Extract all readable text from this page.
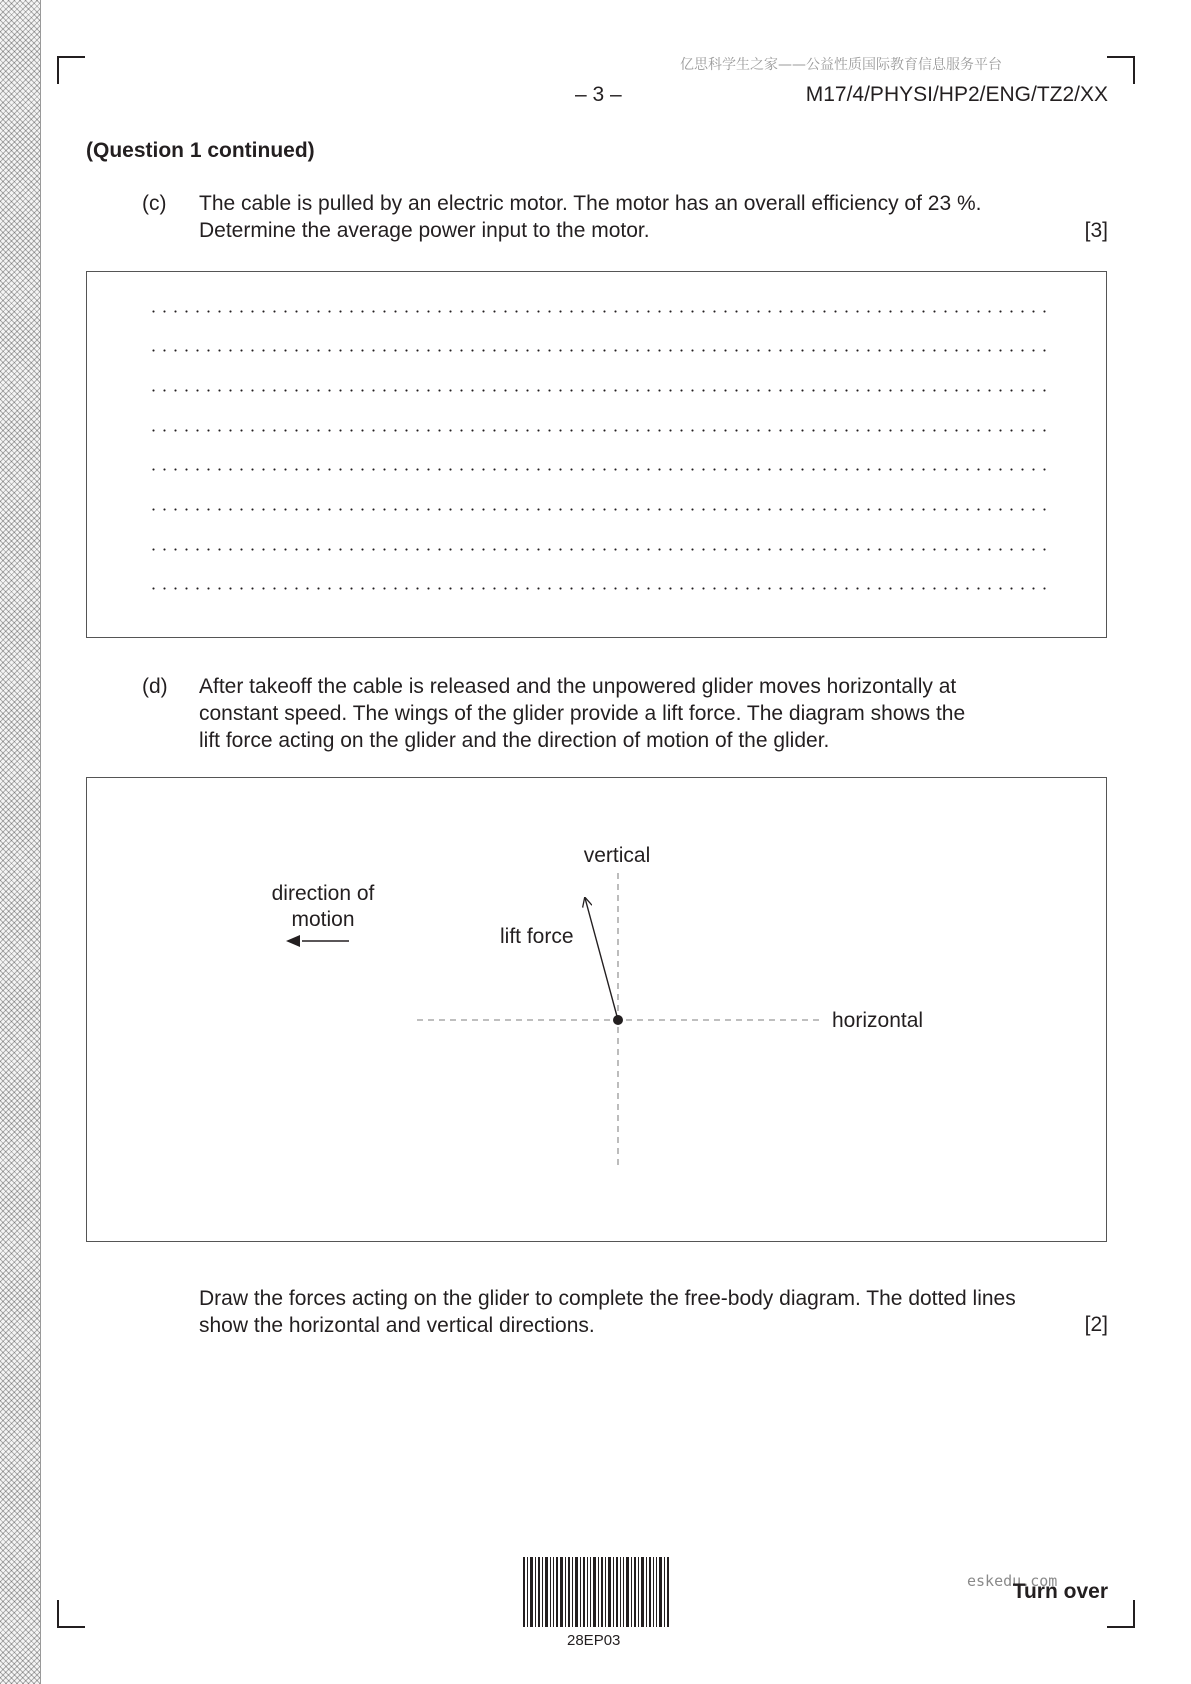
亿思科学生之家——公益性质国际教育信息服务平台
– 3 –	M17/4/PHYSI/HP2/ENG/TZ2/XX
(Question 1 continued)
(c) The cable is pulled by an electric motor. The motor has an overall efficiency of 23 %.
Determine the average power input to the motor.	[3]
(d) After takeoff the cable is released and the unpowered glider moves horizontally at
constant speed. The wings of the glider provide a lift force. The diagram shows the
lift force acting on the glider and the direction of motion of the glider.
vertical
horizontal
lift force
direction of
motion
Draw the forces acting on the glider to complete the free-body diagram. The dotted lines
show the horizontal and vertical directions.	[2]
28EP03
eskedu.com
Turn over
